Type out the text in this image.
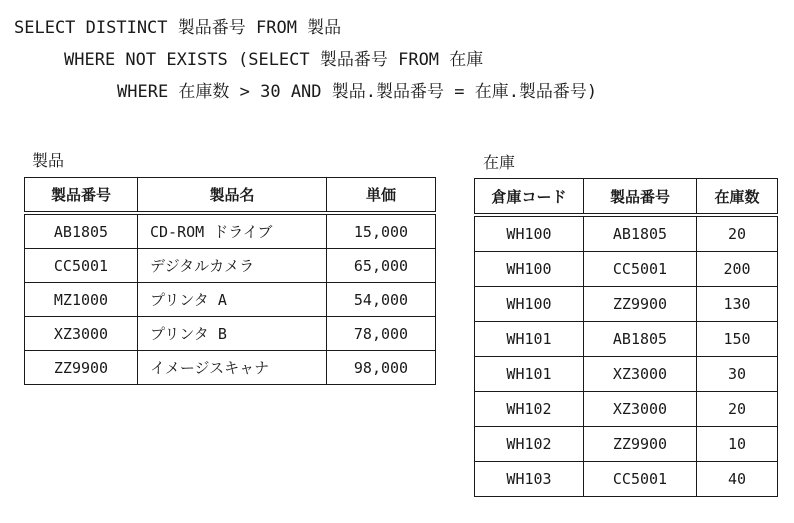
SELECT DISTINCT 製品番号 FROM 製品

WHERE NOT EXISTS (SELECT 製品番号 FROM 在庫

WHERE 在庫数 > 30 AND 製品.製品番号 = 在庫.製品番号)

製品
製品番号	製品名	単価
AB1805	CD-ROM ドライブ	15,000
CC5001	デジタルカメラ	65,000
MZ1000	プリンタ A	54,000
XZ3000	プリンタ B	78,000
ZZ9900	イメージスキャナ	98,000
在庫
倉庫コード	製品番号	在庫数
WH100	AB1805	20
WH100	CC5001	200
WH100	ZZ9900	130
WH101	AB1805	150
WH101	XZ3000	30
WH102	XZ3000	20
WH102	ZZ9900	10
WH103	CC5001	40
